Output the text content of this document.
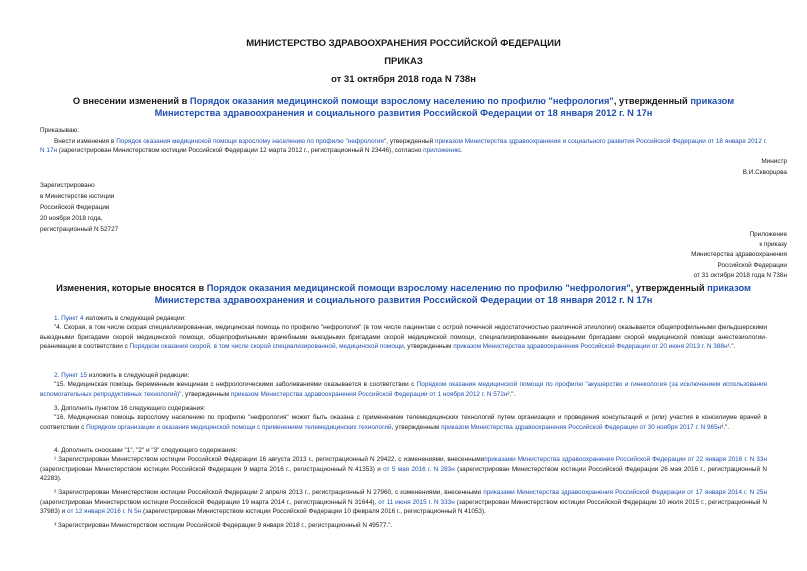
МИНИСТЕРСТВО ЗДРАВООХРАНЕНИЯ РОССИЙСКОЙ ФЕДЕРАЦИИ
ПРИКАЗ
от 31 октября 2018 года N 738н
О внесении изменений в Порядок оказания медицинской помощи взрослому населению по профилю "нефрология", утвержденный приказом Министерства здравоохранения и социального развития Российской Федерации от 18 января 2012 г. N 17н
Приказываю:
Внести изменения в Порядок оказания медицинской помощи взрослому населению по профилю "нефрология", утвержденный приказом Министерства здравоохранения и социального развития Российской Федерации от 18 января 2012 г. N 17н (зарегистрирован Министерством юстиции Российской Федерации 12 марта 2012 г., регистрационный N 23446), согласно приложению.
Министр
В.И.Скворцова
Зарегистрировано
в Министерстве юстиции
Российской Федерации
20 ноября 2018 года,
регистрационный N 52727
Приложение
к приказу
Министерства здравоохранения
Российской Федерации
от 31 октября 2018 года N 738н
Изменения, которые вносятся в Порядок оказания медицинской помощи взрослому населению по профилю "нефрология", утвержденный приказом Министерства здравоохранения и социального развития Российской Федерации от 18 января 2012 г. N 17н
1. Пункт 4 изложить в следующей редакции:
"4. Скорая, в том числе скорая специализированная, медицинская помощь по профилю "нефрология" (в том числе пациентам с острой почечной недостаточностью различной этиологии) оказывается общепрофильными фельдшерскими выездными бригадами скорой медицинской помощи, общепрофильными врачебными выездными бригадами скорой медицинской помощи, специализированными выездными бригадами скорой медицинской помощи анестезиологии-реанимации в соответствии с Порядком оказания скорой, в том числе скорой специализированной, медицинской помощи, утвержденным приказом Министерства здравоохранения Российской Федерации от 20 июня 2013 г. N 388н¹.".
2. Пункт 15 изложить в следующей редакции:
"15. Медицинская помощь беременным женщинам с нефрологическими заболеваниями оказывается в соответствии с Порядком оказания медицинской помощи по профилю "акушерство и гинекология (за исключением использования вспомогательных репродуктивных технологий)", утвержденным приказом Министерства здравоохранения Российской Федерации от 1 ноября 2012 г. N 572н².".
3. Дополнить пунктом 16 следующего содержания:
"16. Медицинская помощь взрослому населению по профилю "нефрология" может быть оказана с применением телемедицинских технологий путем организации и проведения консультаций и (или) участия в консилиуме врачей в соответствии с Порядком организации и оказания медицинской помощи с применением телемедицинских технологий, утвержденным приказом Министерства здравоохранения Российской Федерации от 30 ноября 2017 г. N 965н³.".
4. Дополнить сносками "1", "2" и "3" следующего содержания:
¹ Зарегистрирован Министерством юстиции Российской Федерации 16 августа 2013 г., регистрационный N 29422, с изменениями, внесеннымиприказами Министерства здравоохранения Российской Федерации от 22 января 2016 г. N 33н (зарегистрирован Министерством юстиции Российской Федерации 9 марта 2016 г., регистрационный N 41353) и от 5 мая 2016 г. N 283н (зарегистрирован Министерством юстиции Российской Федерации 26 мая 2016 г., регистрационный N 42283).
² Зарегистрирован Министерством юстиции Российской Федерации 2 апреля 2013 г., регистрационный N 27960, с изменениями, внесенными приказами Министерства здравоохранения Российской Федерации от 17 января 2014 г. N 25н (зарегистрирован Министерством юстиции Российской Федерации 19 марта 2014 г., регистрационный N 31644), от 11 июня 2015 г. N 333н (зарегистрирован Министерством юстиции Российской Федерации 10 июля 2015 г., регистрационный N 37983) и от 12 января 2016 г. N 5н (зарегистрирован Министерством юстиции Российской Федерации 10 февраля 2016 г., регистрационный N 41053).
³ Зарегистрирован Министерством юстиции Российской Федерации 9 января 2018 г., регистрационный N 49577.".
